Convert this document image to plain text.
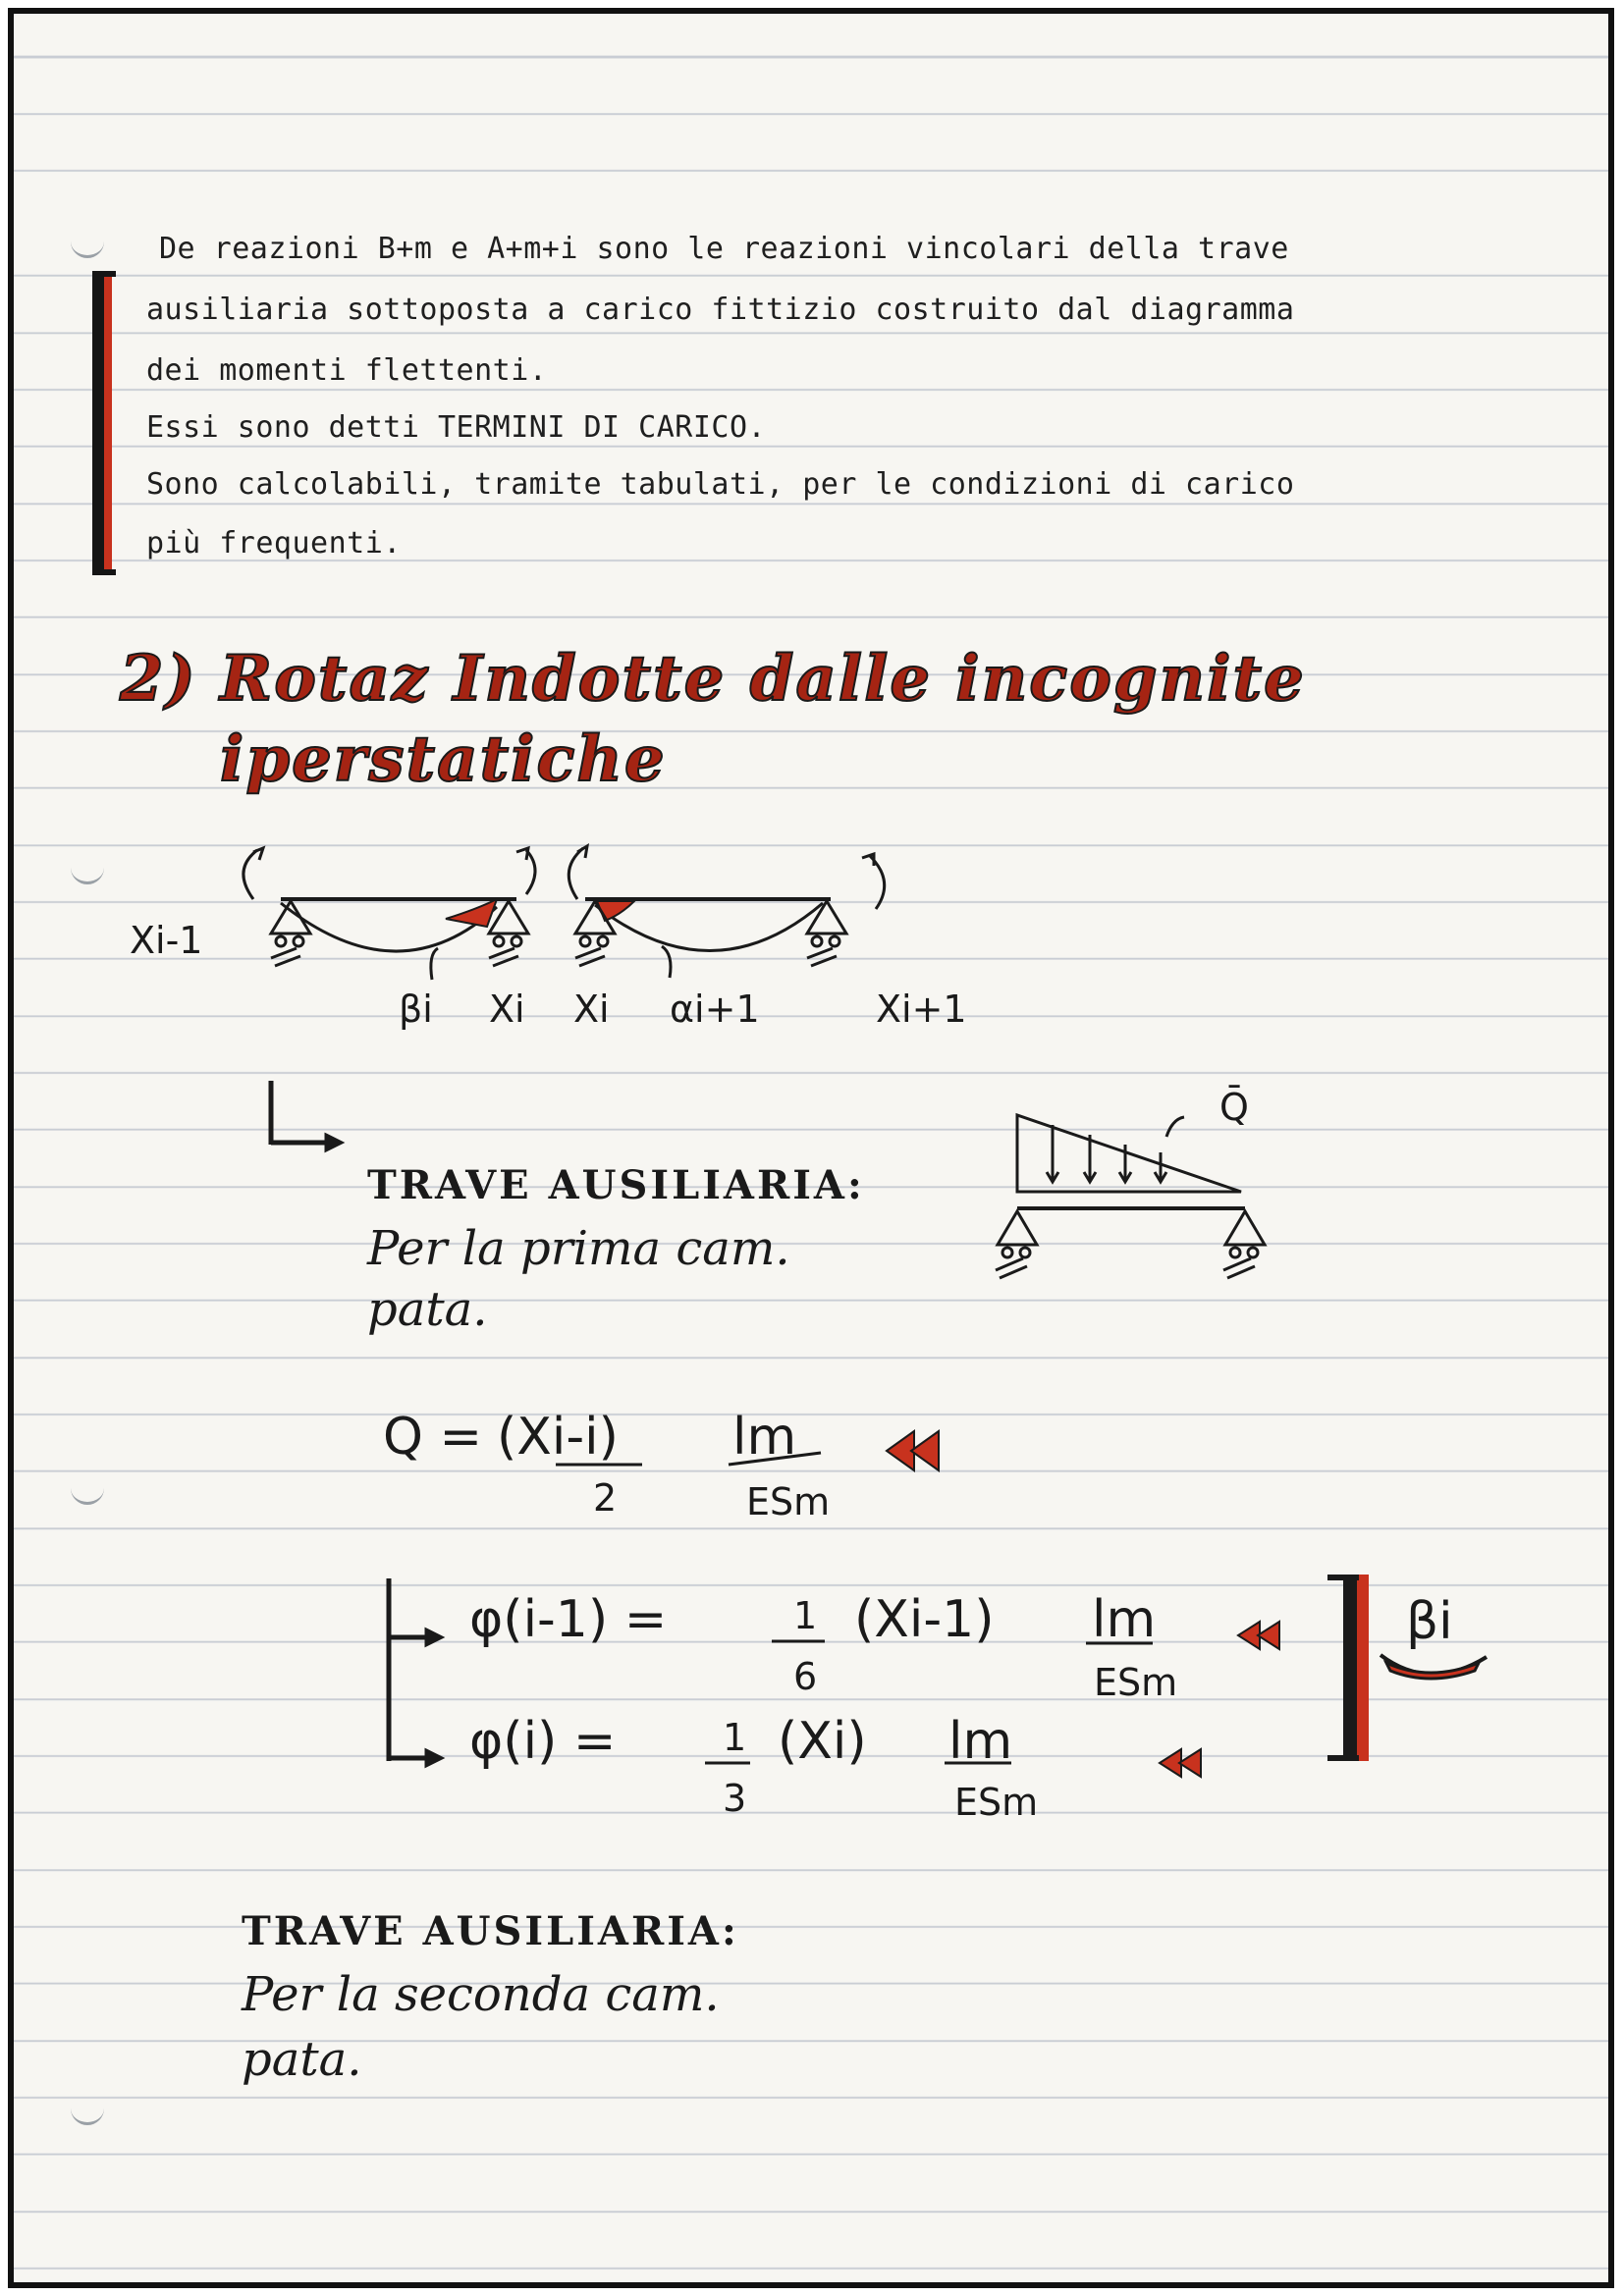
De reazioni B+m e A+m+i sono le reazioni vincolari della trave
ausiliaria sottoposta a carico fittizio costruito dal diagramma
dei momenti flettenti.
Essi sono detti TERMINI DI CARICO.
Sono calcolabili, tramite tabulati, per le condizioni di carico
più frequenti.
2) Rotaz Indotte dalle incognite
iperstatiche
Xi-1
βi Xi Xi αi+1	Xi+1
Q̄
TRAVE AUSILIARIA:
Per la prima cam.
pata.
Q = (Xi-i)
2
lm
ESm
φ(i-1) =	1
6
(Xi-1) lm
ESm
φ(i) =	1
3
(Xi) lm
ESm
βi
TRAVE AUSILIARIA:
Per la seconda cam.
pata.
